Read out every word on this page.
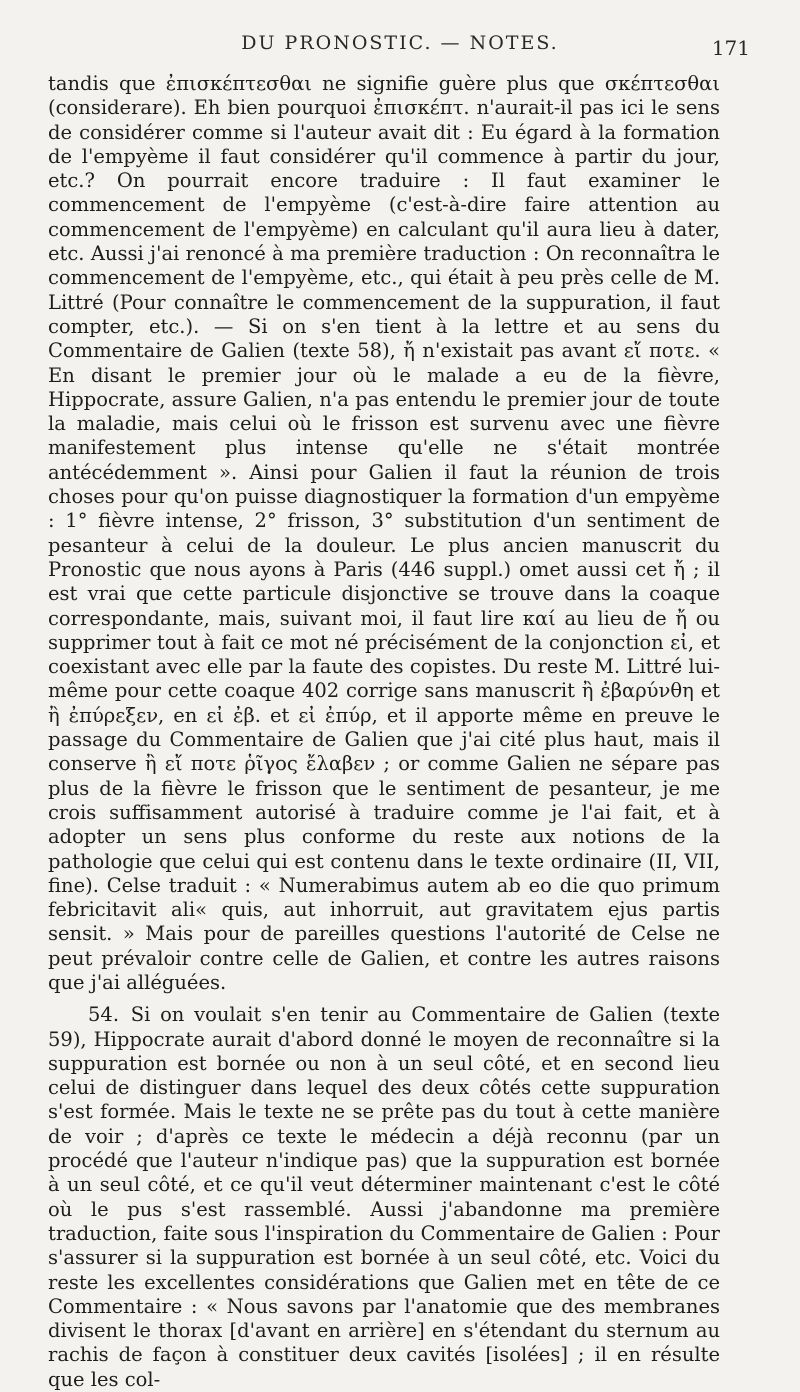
DU PRONOSTIC. — NOTES.	171

tandis que ἐπισκέπτεσθαι ne signifie guère plus que σκέπτεσθαι (considerare). Eh bien pourquoi ἐπισκέπτ. n'aurait-il pas ici le sens de considérer comme si l'auteur avait dit : Eu égard à la formation de l'empyème il faut considérer qu'il commence à partir du jour, etc.? On pourrait encore traduire : Il faut examiner le commencement de l'empyème (c'est-à-dire faire attention au commencement de l'empyème) en calculant qu'il aura lieu à dater, etc. Aussi j'ai renoncé à ma première traduction : On reconnaîtra le commencement de l'empyème, etc., qui était à peu près celle de M. Littré (Pour connaître le commencement de la suppuration, il faut compter, etc.). — Si on s'en tient à la lettre et au sens du Commentaire de Galien (texte 58), ἤ n'existait pas avant εἴ ποτε. « En disant le premier jour où le malade a eu de la fièvre, Hippocrate, assure Galien, n'a pas entendu le premier jour de toute la maladie, mais celui où le frisson est survenu avec une fièvre manifestement plus intense qu'elle ne s'était montrée antécédemment ». Ainsi pour Galien il faut la réunion de trois choses pour qu'on puisse diagnostiquer la formation d'un empyème : 1° fièvre intense, 2° frisson, 3° substitution d'un sentiment de pesanteur à celui de la douleur. Le plus ancien manuscrit du Pronostic que nous ayons à Paris (446 suppl.) omet aussi cet ἤ ; il est vrai que cette particule disjonctive se trouve dans la coaque correspondante, mais, suivant moi, il faut lire καί au lieu de ἤ ou supprimer tout à fait ce mot né précisément de la conjonction εἰ, et coexistant avec elle par la faute des copistes. Du reste M. Littré lui-même pour cette coaque 402 corrige sans manuscrit ἢ ἐβαρύνθη et ἢ ἐπύρεξεν, en εἰ ἐβ. et εἰ ἐπύρ, et il apporte même en preuve le passage du Commentaire de Galien que j'ai cité plus haut, mais il conserve ἢ εἴ ποτε ῥῖγος ἔλαβεν ; or comme Galien ne sépare pas plus de la fièvre le frisson que le sentiment de pesanteur, je me crois suffisamment autorisé à traduire comme je l'ai fait, et à adopter un sens plus conforme du reste aux notions de la pathologie que celui qui est contenu dans le texte ordinaire (II, VII, fine). Celse traduit : « Numerabimus autem ab eo die quo primum febricitavit ali« quis, aut inhorruit, aut gravitatem ejus partis sensit. » Mais pour de pareilles questions l'autorité de Celse ne peut prévaloir contre celle de Galien, et contre les autres raisons que j'ai alléguées.

54. Si on voulait s'en tenir au Commentaire de Galien (texte 59), Hippocrate aurait d'abord donné le moyen de reconnaître si la suppuration est bornée ou non à un seul côté, et en second lieu celui de distinguer dans lequel des deux côtés cette suppuration s'est formée. Mais le texte ne se prête pas du tout à cette manière de voir ; d'après ce texte le médecin a déjà reconnu (par un procédé que l'auteur n'indique pas) que la suppuration est bornée à un seul côté, et ce qu'il veut déterminer maintenant c'est le côté où le pus s'est rassemblé. Aussi j'abandonne ma première traduction, faite sous l'inspiration du Commentaire de Galien : Pour s'assurer si la suppuration est bornée à un seul côté, etc. Voici du reste les excellentes considérations que Galien met en tête de ce Commentaire : « Nous savons par l'anatomie que des membranes divisent le thorax [d'avant en arrière] en s'étendant du sternum au rachis de façon à constituer deux cavités [isolées] ; il en résulte que les col-
